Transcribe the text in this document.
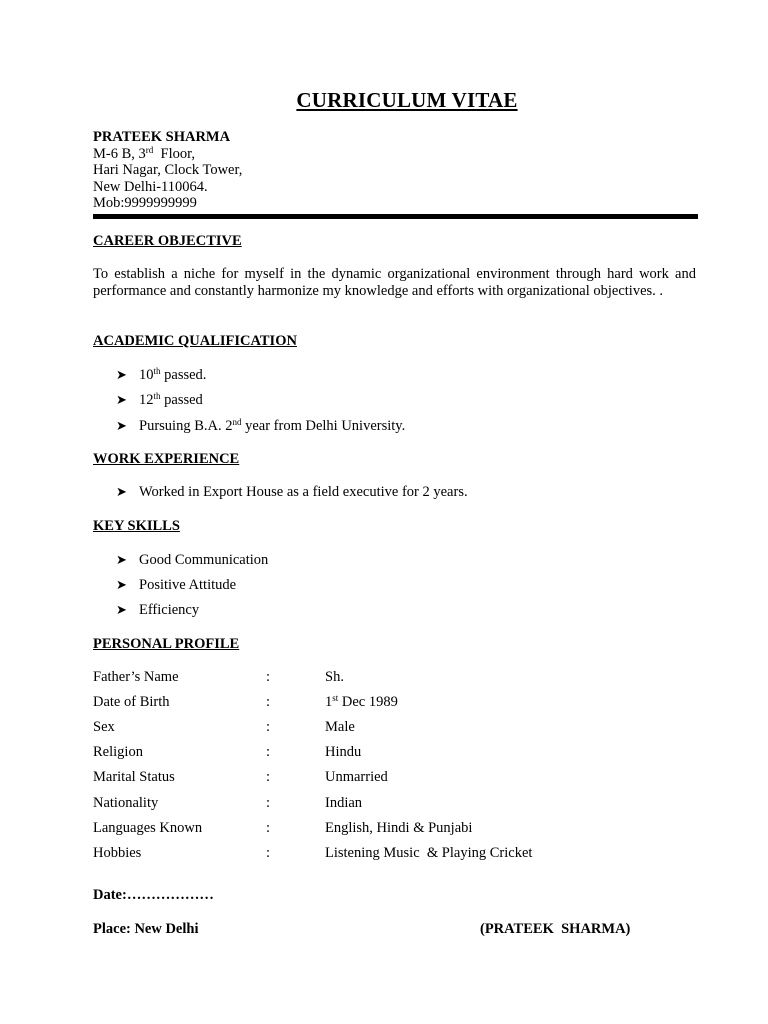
CURRICULUM VITAE
PRATEEK SHARMA
M-6 B, 3rd  Floor,
Hari Nagar, Clock Tower,
New Delhi-110064.
Mob:9999999999
CAREER OBJECTIVE
To establish a niche for myself in the dynamic organizational environment through hard work and performance and constantly harmonize my knowledge and efforts with organizational objectives. .
ACADEMIC QUALIFICATION
➤ 10th passed.
➤ 12th passed
➤ Pursuing B.A. 2nd year from Delhi University.
WORK EXPERIENCE
➤ Worked in Export House as a field executive for 2 years.
KEY SKILLS
➤ Good Communication
➤ Positive Attitude
➤ Efficiency
PERSONAL PROFILE
Father’s Name	:	Sh.
Date of Birth	:	1st Dec 1989
Sex	:	Male
Religion	:	Hindu
Marital Status	:	Unmarried
Nationality	:	Indian
Languages Known	:	English, Hindi & Punjabi
Hobbies	:	Listening Music  & Playing Cricket
Date:………………
Place: New Delhi	(PRATEEK  SHARMA)
